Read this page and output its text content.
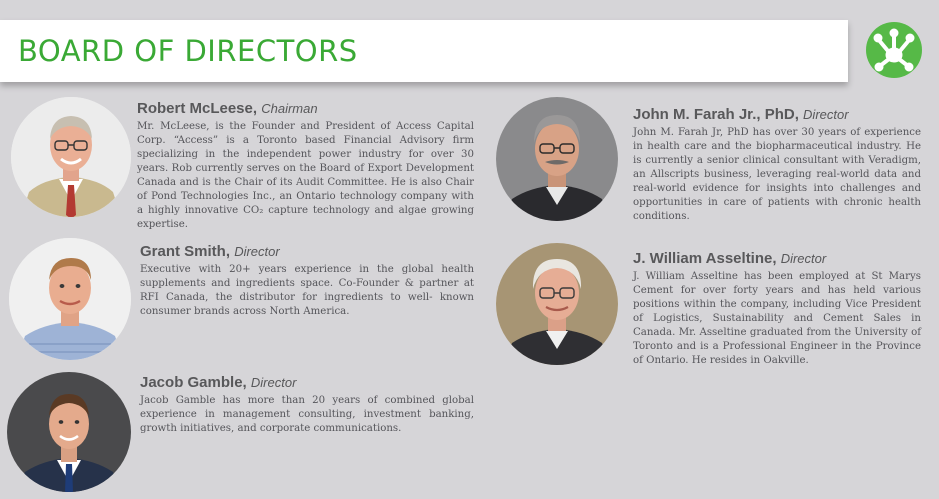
BOARD OF DIRECTORS
Robert McLeese, Chairman
Mr. McLeese, is the Founder and President of Access Capital Corp. “Access” is a Toronto based Financial Advisory firm specializing in the independent power industry for over 30 years. Rob currently serves on the Board of Export Development Canada and is the Chair of its Audit Committee. He is also Chair of Pond Technologies Inc., an Ontario technology company with a highly innovative CO₂ capture technology and algae growing expertise.
Grant Smith, Director
Executive with 20+ years experience in the global health supplements and ingredients space. Co-Founder & partner at RFI Canada, the distributor for ingredients to well- known consumer brands across North America.
Jacob Gamble, Director
Jacob Gamble has more than 20 years of combined global experience in management consulting, investment banking, growth initiatives, and corporate communications.
John M. Farah Jr., PhD, Director
John M. Farah Jr, PhD has over 30 years of experience in health care and the biopharmaceutical industry. He is currently a senior clinical consultant with Veradigm, an Allscripts business, leveraging real-world data and real-world evidence for insights into challenges and opportunities in care of patients with chronic health conditions.
J. William Asseltine, Director
J. William Asseltine has been employed at St Marys Cement for over forty years and has held various positions within the company, including Vice President of Logistics, Sustainability and Cement Sales in Canada. Mr. Asseltine graduated from the University of Toronto and is a Professional Engineer in the Province of Ontario. He resides in Oakville.
